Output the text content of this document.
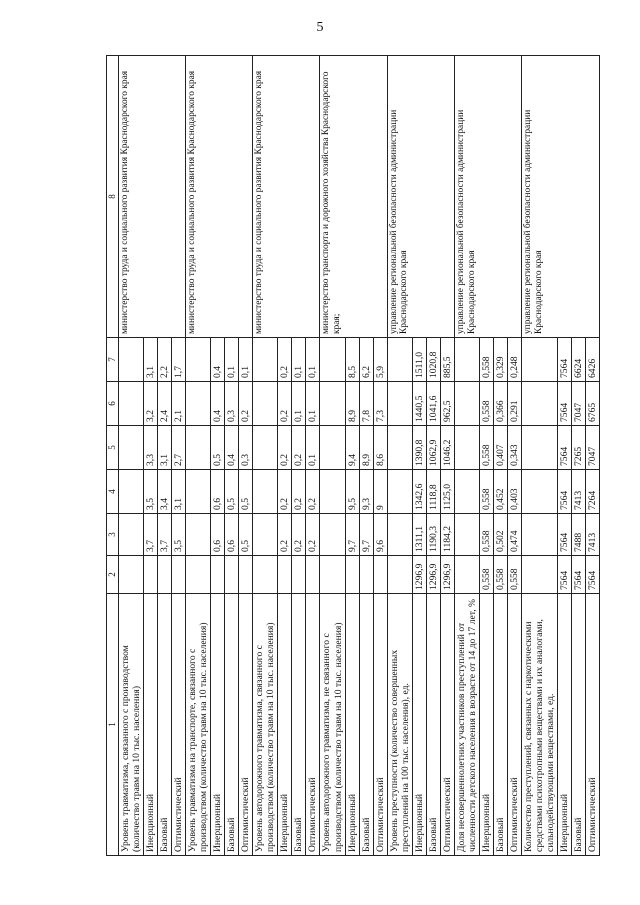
5
1	2	3	4	5	6	7	8
Уровень травматизма, связанного с производством (количество травм на 10 тыс. населения)							министерство труда и социального развития Краснодарского края
Инерционный		3,7	3,5	3,3	3,2	3,1	
Базовый		3,7	3,4	3,1	2,4	2,2	
Оптимистический		3,5	3,1	2,7	2,1	1,7	
Уровень травматизма на транспорте, связанного с производством (количество травм на 10 тыс. населения)							министерство труда и социального развития Краснодарского края
Инерционный		0,6	0,6	0,5	0,4	0,4	
Базовый		0,6	0,5	0,4	0,3	0,1	
Оптимистический		0,5	0,5	0,3	0,2	0,1	
Уровень автодорожного травматизма, связанного с производством (количество травм на 10 тыс. населения)							министерство труда и социального развития Краснодарского края
Инерционный		0,2	0,2	0,2	0,2	0,2	
Базовый		0,2	0,2	0,2	0,1	0,1	
Оптимистический		0,2	0,2	0,1	0,1	0,1	
Уровень автодорожного травматизма, не связанного с производством (количество травм на 10 тыс. населения)							министерство транспорта и дорожного хозяйства Краснодарского края;
Инерционный		9,7	9,5	9,4	8,9	8,5	
Базовый		9,7	9,3	8,9	7,8	6,2	
Оптимистический		9,6	9	8,6	7,3	5,9	
Уровень преступности (количество совершенных преступлений на 100 тыс. населения), ед.							управление региональной безопасности администрации Краснодарского края
Инерционный	1296,9	1311,1	1342,6	1390,8	1440,5	1511,0	
Базовый	1296,9	1190,3	1118,8	1062,9	1041,6	1020,8	
Оптимистический	1296,9	1184,2	1125,0	1046,2	962,5	885,5	
Доля несовершеннолетних участников преступлений от численности детского населения в возрасте от 14 до 17 лет, %							управление региональной безопасности администрации Краснодарского края
Инерционный	0,558	0,558	0,558	0,558	0,558	0,558	
Базовый	0,558	0,502	0,452	0,407	0,366	0,329	
Оптимистический	0,558	0,474	0,403	0,343	0,291	0,248	
Количество преступлений, связанных с наркотическими средствами психотропными веществами и их аналогами, сильнодействующими веществами, ед.							управление региональной безопасности администрации Краснодарского края
Инерционный	7564	7564	7564	7564	7564	7564	
Базовый	7564	7488	7413	7265	7047	6624	
Оптимистический	7564	7413	7264	7047	6765	6426	
